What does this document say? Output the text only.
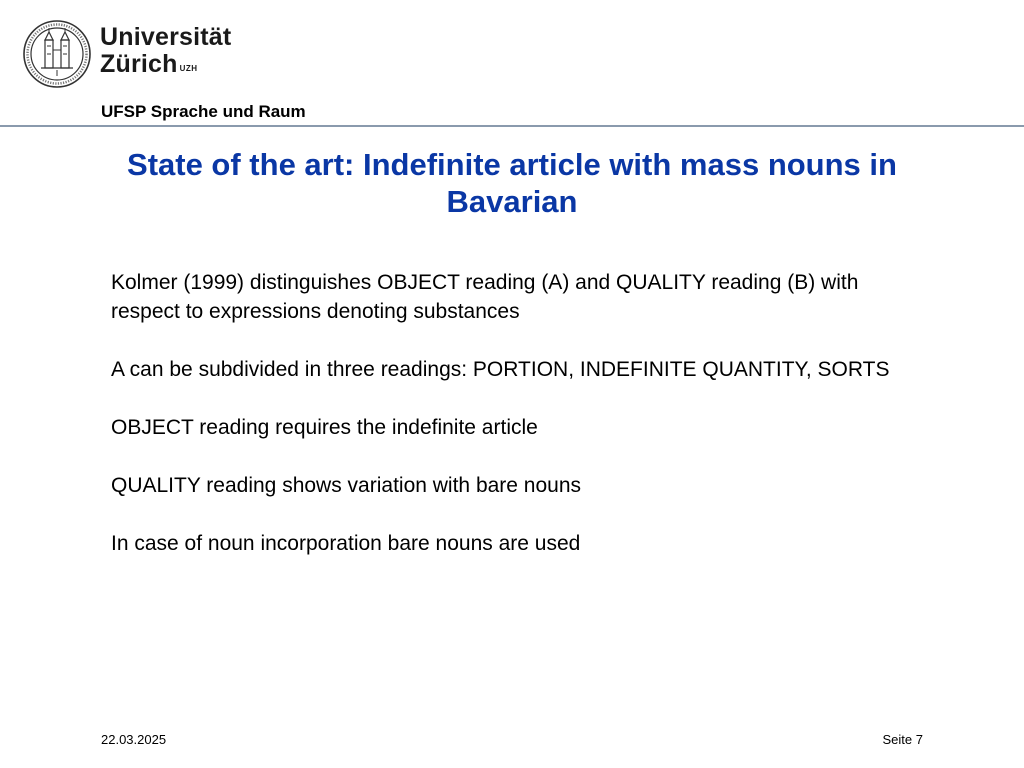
Universität
Zürich $^{UZH}$
UFSP Sprache und Raum
State of the art: Indefinite article with mass nouns in Bavarian

Kolmer (1999) distinguishes OBJECT reading (A) and QUALITY reading (B) with respect to expressions denoting substances

A can be subdivided in three readings: PORTION, INDEFINITE QUANTITY, SORTS

OBJECT reading requires the indefinite article

QUALITY reading shows variation with bare nouns

In case of noun incorporation bare nouns are used

22.03.2025	Seite 7
